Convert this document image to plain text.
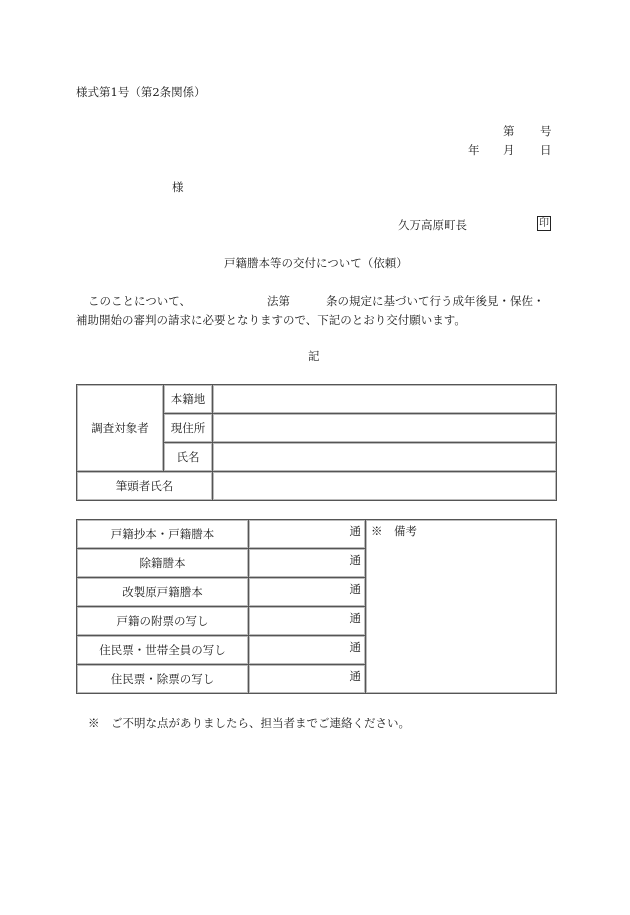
様式第1号（第2条関係）
第 号
年 月 日
様
久万高原町長	印
戸籍謄本等の交付について（依頼）
このことについて、	法第	条の規定に基づいて行う成年後見・保佐・
補助開始の審判の請求に必要となりますので、下記のとおり交付願います。
記
調査対象者	本籍地	
	現住所	
	氏名	
筆頭者氏名		
戸籍抄本・戸籍謄本	通	※　備考
除籍謄本	通	
改製原戸籍謄本	通	
戸籍の附票の写し	通	
住民票・世帯全員の写し	通	
住民票・除票の写し	通	
※　ご不明な点がありましたら、担当者までご連絡ください。
